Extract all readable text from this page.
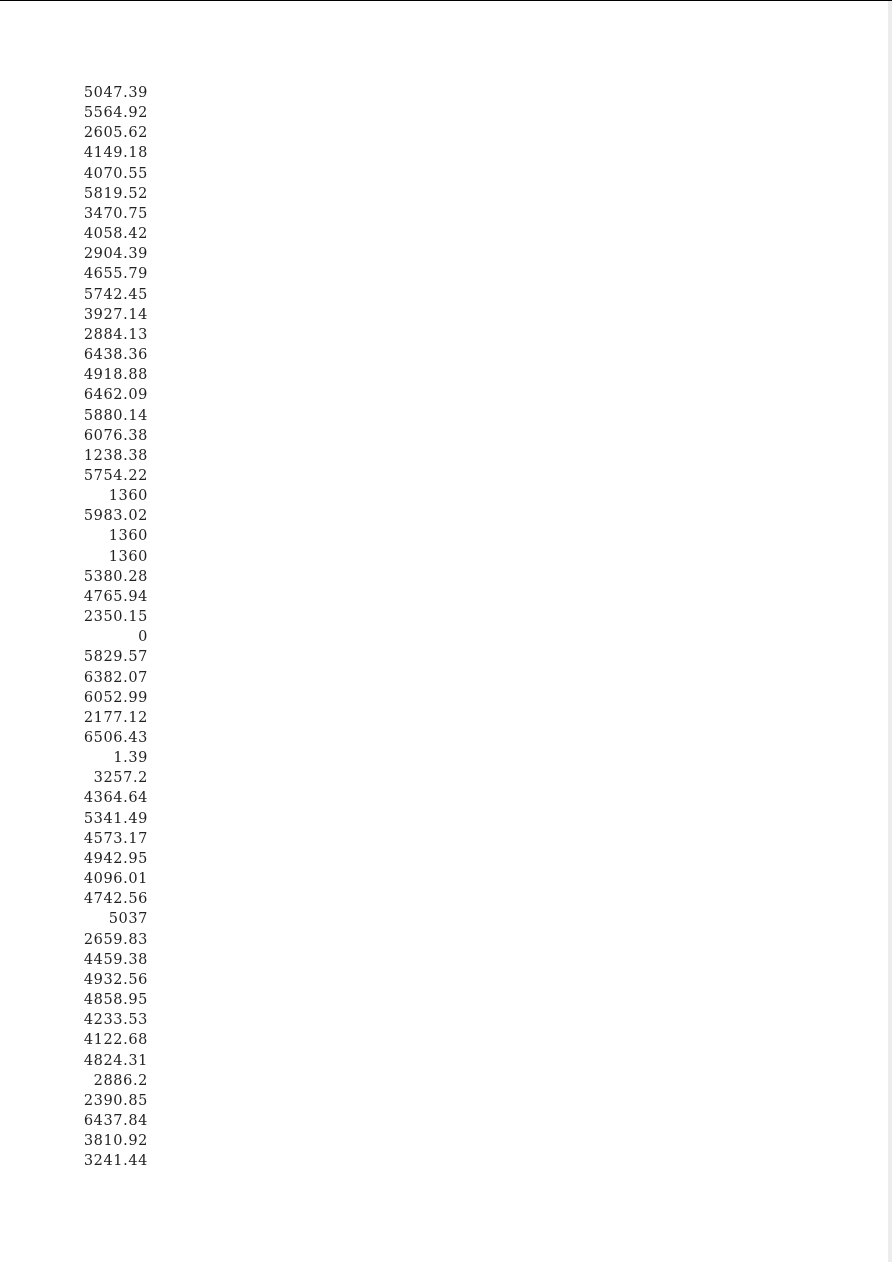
5047.39
5564.92
2605.62
4149.18
4070.55
5819.52
3470.75
4058.42
2904.39
4655.79
5742.45
3927.14
2884.13
6438.36
4918.88
6462.09
5880.14
6076.38
1238.38
5754.22
1360
5983.02
1360
1360
5380.28
4765.94
2350.15
0
5829.57
6382.07
6052.99
2177.12
6506.43
1.39
3257.2
4364.64
5341.49
4573.17
4942.95
4096.01
4742.56
5037
2659.83
4459.38
4932.56
4858.95
4233.53
4122.68
4824.31
2886.2
2390.85
6437.84
3810.92
3241.44
